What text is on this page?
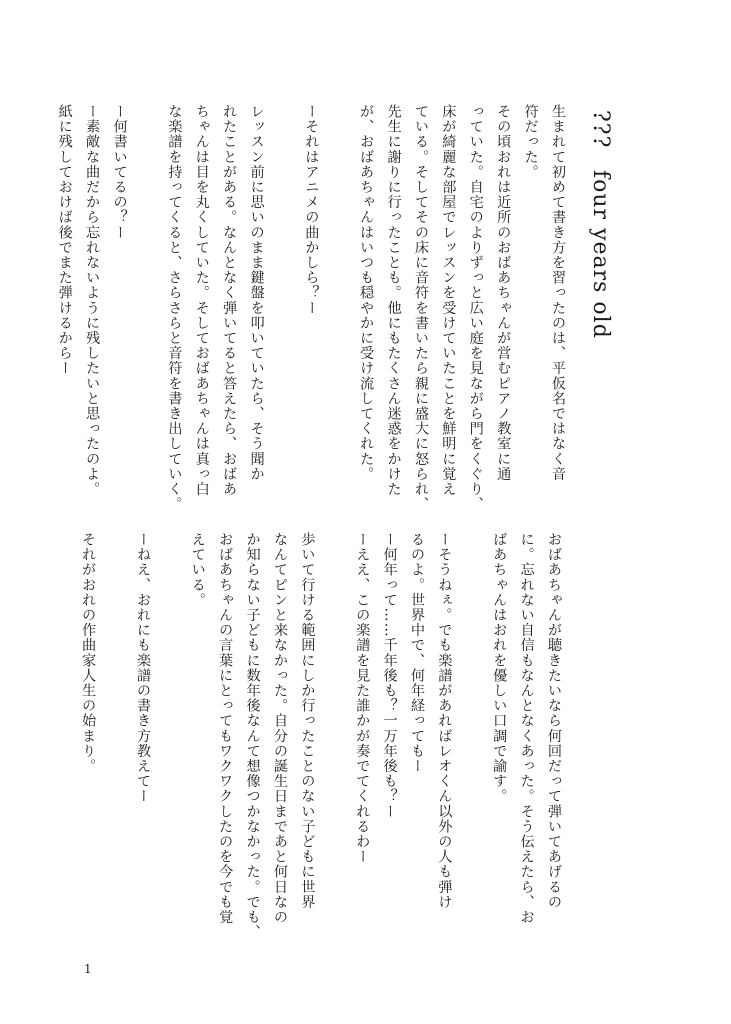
??? four years old
生まれて初めて書き方を習ったのは、平仮名ではなく音
符だった。
その頃おれは近所のおばあちゃんが営むピアノ教室に通
っていた。自宅のよりずっと広い庭を見ながら門をくぐり、
床が綺麗な部屋でレッスンを受けていたことを鮮明に覚え
ている。そしてその床に音符を書いたら親に盛大に怒られ、
先生に謝りに行ったことも。他にもたくさん迷惑をかけた
が、おばあちゃんはいつも穏やかに受け流してくれた。
ーそれはアニメの曲かしら？ー
レッスン前に思いのまま鍵盤を叩いていたら、そう聞か
れたことがある。なんとなく弾いてると答えたら、おばあ
ちゃんは目を丸くしていた。そしておばあちゃんは真っ白
な楽譜を持ってくると、さらさらと音符を書き出していく。
ー何書いてるの？ー
ー素敵な曲だから忘れないように残したいと思ったのよ。
紙に残しておけば後でまた弾けるからー
おばあちゃんが聴きたいなら何回だって弾いてあげるの
に。忘れない自信もなんとなくあった。そう伝えたら、お
ばあちゃんはおれを優しい口調で諭す。
ーそうねぇ。でも楽譜があればレオくん以外の人も弾け
るのよ。世界中で、何年経ってもー
ー何年って……千年後も？一万年後も？ー
ーええ、この楽譜を見た誰かが奏でてくれるわー
歩いて行ける範囲にしか行ったことのない子どもに世界
なんてピンと来なかった。自分の誕生日まであと何日なの
か知らない子どもに数年後なんて想像つかなかった。でも、
おばあちゃんの言葉にとってもワクワクしたのを今でも覚
えている。
ーねえ、おれにも楽譜の書き方教えてー
それがおれの作曲家人生の始まり。
1
